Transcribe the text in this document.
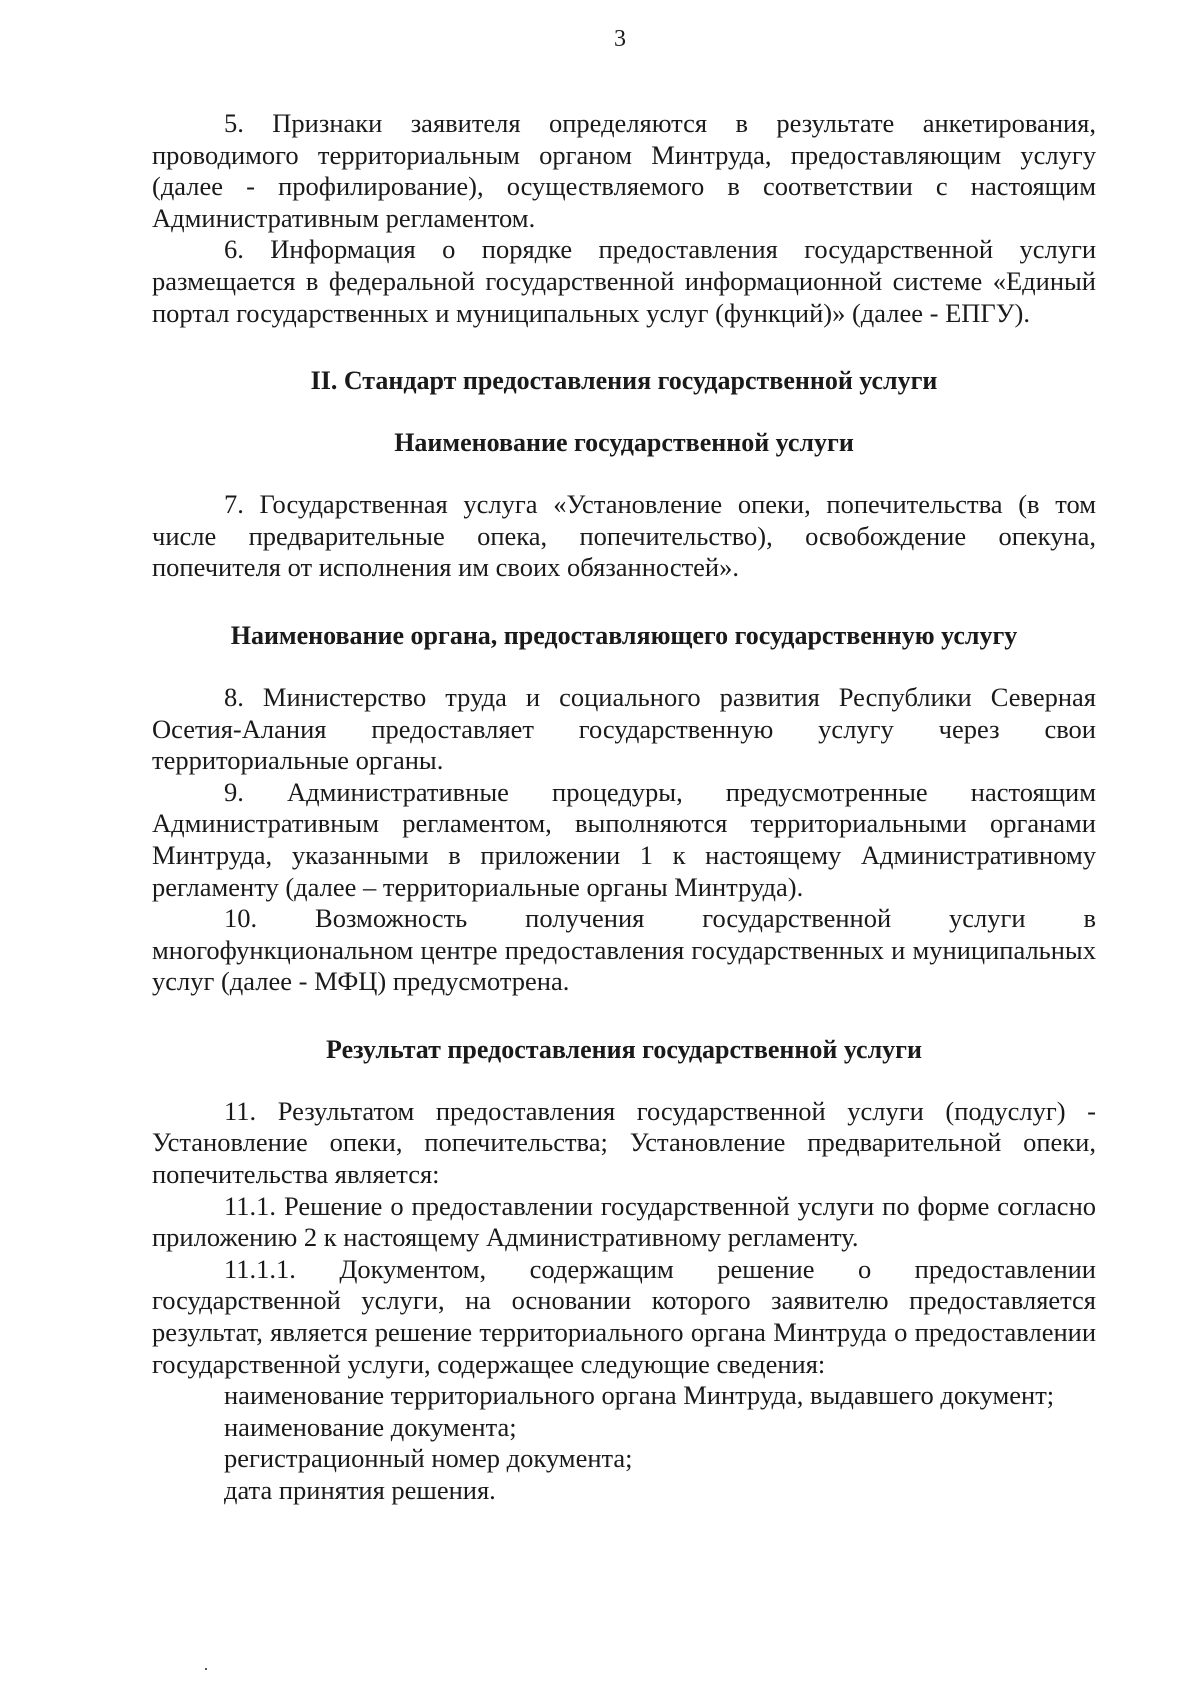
3

5. Признаки заявителя определяются в результате анкетирования, проводимого территориальным органом Минтруда, предоставляющим услугу (далее - профилирование), осуществляемого в соответствии с настоящим Административным регламентом.

6. Информация о порядке предоставления государственной услуги размещается в федеральной государственной информационной системе «Единый портал государственных и муниципальных услуг (функций)» (далее - ЕПГУ).

II. Стандарт предоставления государственной услуги
Наименование государственной услуги

7. Государственная услуга «Установление опеки, попечительства (в том числе предварительные опека, попечительство), освобождение опекуна, попечителя от исполнения им своих обязанностей».

Наименование органа, предоставляющего государственную услугу

8. Министерство труда и социального развития Республики Северная Осетия-Алания предоставляет государственную услугу через свои территориальные органы.

9. Административные процедуры, предусмотренные настоящим Административным регламентом, выполняются территориальными органами Минтруда, указанными в приложении 1 к настоящему Административному регламенту (далее – территориальные органы Минтруда).

10. Возможность получения государственной услуги в многофункциональном центре предоставления государственных и муниципальных услуг (далее - МФЦ) предусмотрена.

Результат предоставления государственной услуги

11. Результатом предоставления государственной услуги (подуслуг) - Установление опеки, попечительства; Установление предварительной опеки, попечительства является:

11.1. Решение о предоставлении государственной услуги по форме согласно приложению 2 к настоящему Административному регламенту.

11.1.1. Документом, содержащим решение о предоставлении государственной услуги, на основании которого заявителю предоставляется результат, является решение территориального органа Минтруда о предоставлении государственной услуги, содержащее следующие сведения:

наименование территориального органа Минтруда, выдавшего документ;

наименование документа;

регистрационный номер документа;

дата принятия решения.
